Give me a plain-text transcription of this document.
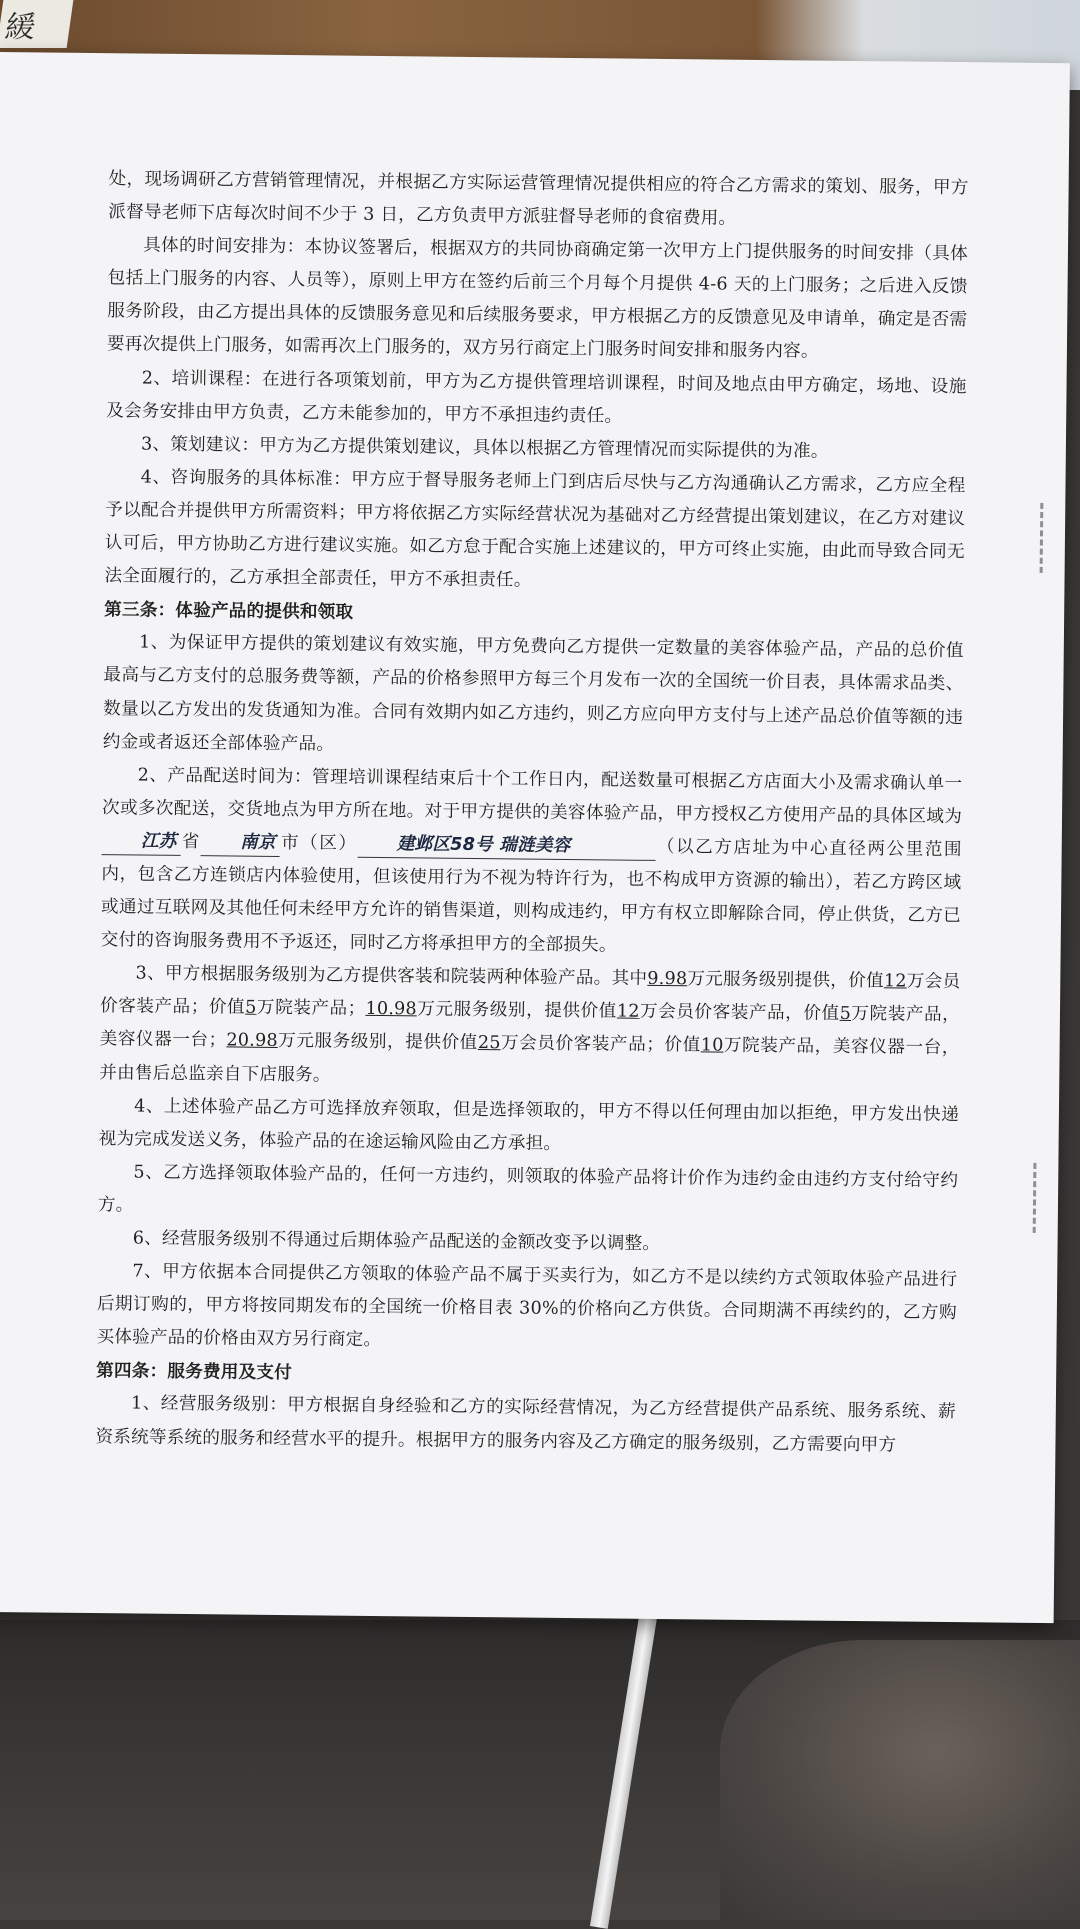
緩

处，现场调研乙方营销管理情况，并根据乙方实际运营管理情况提供相应的符合乙方需求的策划、服务，甲方派督导老师下店每次时间不少于 3 日，乙方负责甲方派驻督导老师的食宿费用。

具体的时间安排为：本协议签署后，根据双方的共同协商确定第一次甲方上门提供服务的时间安排（具体包括上门服务的内容、人员等），原则上甲方在签约后前三个月每个月提供 4-6 天的上门服务；之后进入反馈服务阶段，由乙方提出具体的反馈服务意见和后续服务要求，甲方根据乙方的反馈意见及申请单，确定是否需要再次提供上门服务，如需再次上门服务的，双方另行商定上门服务时间安排和服务内容。

2、培训课程：在进行各项策划前，甲方为乙方提供管理培训课程，时间及地点由甲方确定，场地、设施及会务安排由甲方负责，乙方未能参加的，甲方不承担违约责任。

3、策划建议：甲方为乙方提供策划建议，具体以根据乙方管理情况而实际提供的为准。

4、咨询服务的具体标准：甲方应于督导服务老师上门到店后尽快与乙方沟通确认乙方需求，乙方应全程予以配合并提供甲方所需资料；甲方将依据乙方实际经营状况为基础对乙方经营提出策划建议，在乙方对建议认可后，甲方协助乙方进行建议实施。如乙方怠于配合实施上述建议的，甲方可终止实施，由此而导致合同无法全面履行的，乙方承担全部责任，甲方不承担责任。

第三条：体验产品的提供和领取

1、为保证甲方提供的策划建议有效实施，甲方免费向乙方提供一定数量的美容体验产品，产品的总价值最高与乙方支付的总服务费等额，产品的价格参照甲方每三个月发布一次的全国统一价目表，具体需求品类、数量以乙方发出的发货通知为准。合同有效期内如乙方违约，则乙方应向甲方支付与上述产品总价值等额的违约金或者返还全部体验产品。

2、产品配送时间为：管理培训课程结束后十个工作日内，配送数量可根据乙方店面大小及需求确认单一次或多次配送，交货地点为甲方所在地。对于甲方提供的美容体验产品，甲方授权乙方使用产品的具体区域为江苏 省 南京 市（区） 建邺区58号 瑞涟美容	（以乙方店址为中心直径两公里范围内，包含乙方连锁店内体验使用，但该使用行为不视为特许行为，也不构成甲方资源的输出），若乙方跨区域或通过互联网及其他任何未经甲方允许的销售渠道，则构成违约，甲方有权立即解除合同，停止供货，乙方已交付的咨询服务费用不予返还，同时乙方将承担甲方的全部损失。

3、甲方根据服务级别为乙方提供客装和院装两种体验产品。其中9.98万元服务级别提供，价值12万会员价客装产品；价值5万院装产品；10.98万元服务级别，提供价值12万会员价客装产品，价值5万院装产品，美容仪器一台；20.98万元服务级别，提供价值25万会员价客装产品；价值10万院装产品，美容仪器一台，并由售后总监亲自下店服务。

4、上述体验产品乙方可选择放弃领取，但是选择领取的，甲方不得以任何理由加以拒绝，甲方发出快递视为完成发送义务，体验产品的在途运输风险由乙方承担。

5、乙方选择领取体验产品的，任何一方违约，则领取的体验产品将计价作为违约金由违约方支付给守约方。

6、经营服务级别不得通过后期体验产品配送的金额改变予以调整。

7、甲方依据本合同提供乙方领取的体验产品不属于买卖行为，如乙方不是以续约方式领取体验产品进行后期订购的，甲方将按同期发布的全国统一价格目表 30%的价格向乙方供货。合同期满不再续约的，乙方购买体验产品的价格由双方另行商定。

第四条：服务费用及支付

1、经营服务级别：甲方根据自身经验和乙方的实际经营情况，为乙方经营提供产品系统、服务系统、薪资系统等系统的服务和经营水平的提升。根据甲方的服务内容及乙方确定的服务级别，乙方需要向甲方
